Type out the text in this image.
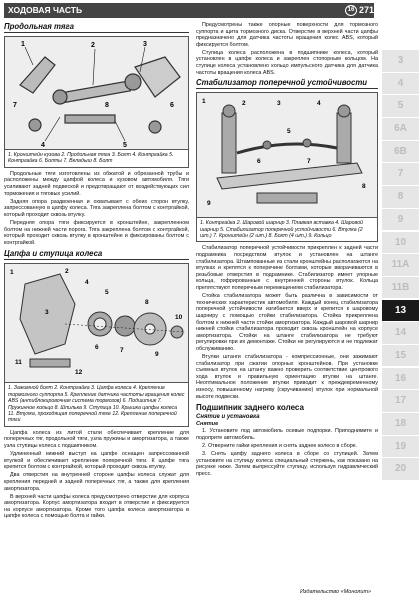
ХОДОВАЯ ЧАСТЬ	16 271
Продольная тяга
1	2	3
4	5
6
7	8
1. Кронштейн кузова 2. Продольная тяга 3. Болт 4. Контргайка 5. Контргайка 6. Болты 7. Вкладыш 8. Болт

Продольные тяги изготовлены из обжатой и обрезанной трубы и расположены между цапфой колеса и кузовом автомобиля. Тяги усиливают задней подвеской и предотвращают от воздействующих сил торможения и тяговых усилий.

Задняя опора раздвоенная и охватывает с обеих сторон втулку, запрессованную в цапфу колеса. Тяга закреплена болтом с контргайкой, который проходит сквозь втулку.

Передняя опора тяги фиксируется в кронштейне, закрепленном болтом на нижней части порога. Тяга закреплена болтом с контргайкой, который проходит сквозь втулку в кронштейне и фиксированы болтом с контргайкой.

Цапфа и ступица колеса
1	2
3
4
5
6	7
8
9
10
11
12
1. Зажимной болт 2. Контргайка 3. Цапфа колеса 4. Крепление тормозного суппорта 5. Крепление датчика частоты вращения колес ABS (антиблокировочная система тормозов) 6. Подшипник 7. Пружинное кольцо 8. Шпилька 9. Ступица 10. Крышка цапфы колеса 11. Втулка, проходящая поперечной тяге 12. Крепление поперечной тяги

Цапфа колеса из литой стали обеспечивает крепление для поперечных тяг, продольной тяги, узла пружины и амортизатора, а также узла ступицы колеса с подшипником.

Удлиненный нижний выступ на цапфе оснащен запрессованной втулкой и обеспечивает крепление поперечной тяги. К цапфе тяга крепится болтом с контргайкой, который проходит сквозь втулку.

Два отверстия на внутренней стороне цапфы колеса служат для крепления передней и задней поперечных тяг, а также для крепления амортизатора.

В верхней части цапфы колеса предусмотрено отверстие для корпуса амортизатора. Корпус амортизатора входит в отверстие и фиксируется на корпусе амортизатора. Кроме того цапфа колеса амортизатора в цапфе колеса с помощью болта и гайки.

Предусмотрены также опорные поверхности для тормозного суппорта и щита тормозного диска. Отверстие в верхней части цапфы предназначено для датчика частоты вращения колес ABS, который фиксируется болтом.

Ступица колеса расположена в подшипнике колеса, который установлен в цапфе колеса и закреплен стопорным кольцом. На ступице колеса установлено кольцо импульсного датчика для датчика частоты вращения колеса ABS.

Стабилизатор поперечной устойчивости
1	2	3	4
5
6	7
8
9
1. Контргайка 2. Шаровой шарнир 3. Плавкая вставка 4. Шаровой шарнир 5. Стабилизатор поперечной устойчивости 6. Втулка (2 шт.) 7. Кронштейн (2 шт.) 8. Болт (4 шт.) 9. Кольцо

Стабилизатор поперечной устойчивости прикреплен к задней части подрамника посредством втулок и установлен на штанге стабилизатора. Штампованные из стали кронштейны располагаются на втулках и крепятся к поперечине болтами, которые вворачиваются в резьбовые отверстия в подрамнике. Стабилизатор имеет упорные кольца, гофрированные с внутренней стороны втулок. Кольца препятствуют поперечным перемещениям стабилизатора.

Стойка стабилизатора может быть различна в зависимости от технических характеристик автомобиля. Каждый конец стабилизатора поперечной устойчивости изгибается вверх и крепится к шаровому шарниру с помощью стойки стабилизатора. Стойка прикреплена болтом к нижней части стойки амортизатора. Каждый шаровой шарнир нижней стойки стабилизатора проходит сквозь кронштейн на корпусе амортизатора. Стойки на штанге стабилизатора не требуют регулировки при их демонтаже. Стойки не регулируются и не подлежат обслуживанию.

Втулки штанги стабилизатора - компрессионные, они зажимают стабилизатор при сжатии опорных кронштейнов. При установке съемных втулок на штангу важно проверить соответствие центрового хода втулок и правильную ориентацию втулки на штанге. Неоптимальное положение втулки приводит к преждевременному износу, повышенному нагреву (скручиванию) втулок при нормальной высоте подвески.

Подшипник заднего колеса
Снятие и установка
Снятие

1. Установите под автомобиль осевые подпорки. Приподнимите и подоприте автомобиль.

2. Отверните гайки крепления и снять заднее колесо в сборе.

3. Снять цапфу заднего колеса в сборе со ступицей. Затем установите на ступицу колеса специальный стержень, как показано на рисунке ниже. Затем выпрессуйте ступицу, используя гидравлический пресс.

3
4
5
6A
6B
7
8
9
10
11A
11B
13
14
15
16
17
18
19
20
Издательство «Монолит»
